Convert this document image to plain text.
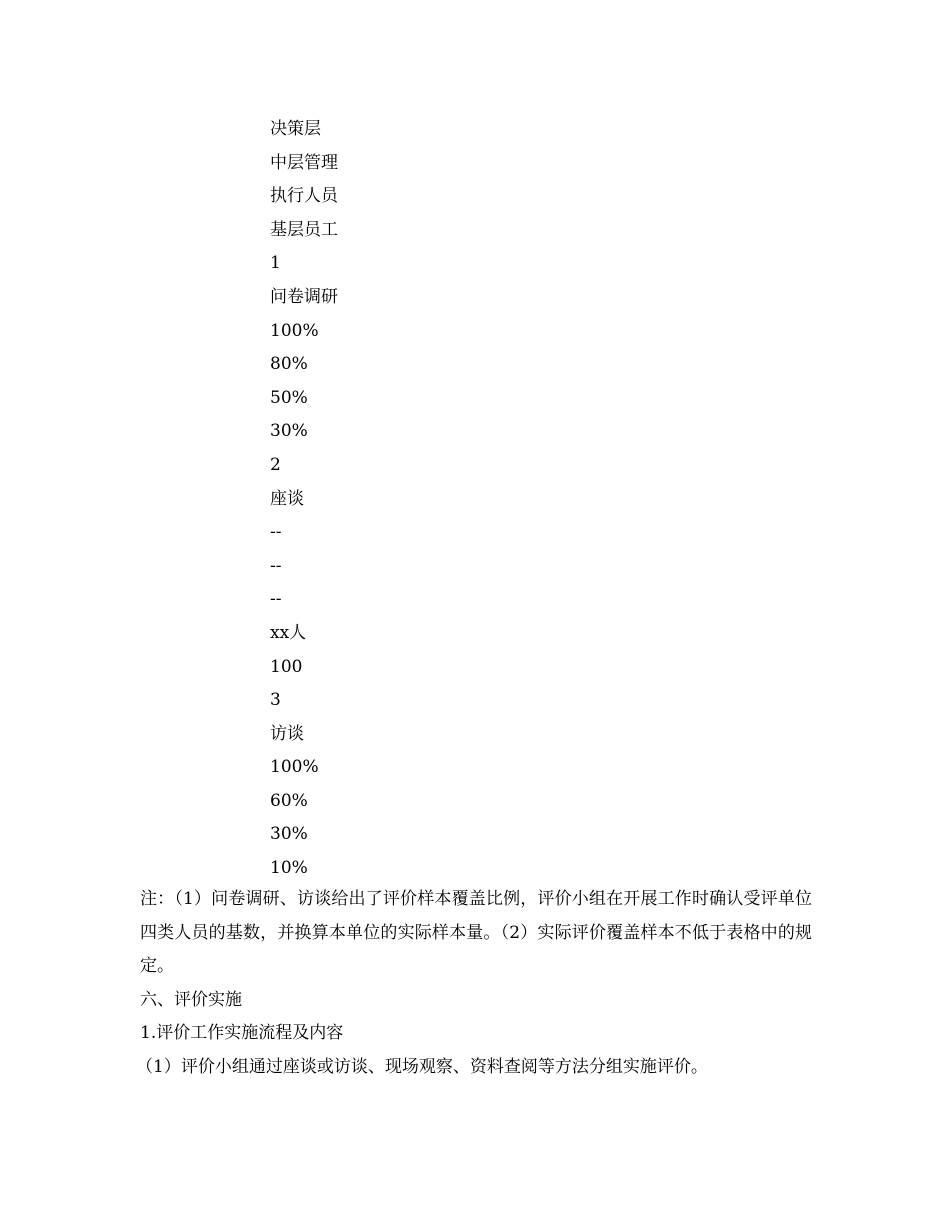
决策层
中层管理
执行人员
基层员工
1
问卷调研
100%
80%
50%
30%
2
座谈
--
--
--
xx人
100
3
访谈
100%
60%
30%
10%

注：（1）问卷调研、访谈给出了评价样本覆盖比例，评价小组在开展工作时确认受评单位四类人员的基数，并换算本单位的实际样本量。（2）实际评价覆盖样本不低于表格中的规定。

六、评价实施

1.评价工作实施流程及内容

（1）评价小组通过座谈或访谈、现场观察、资料查阅等方法分组实施评价。
